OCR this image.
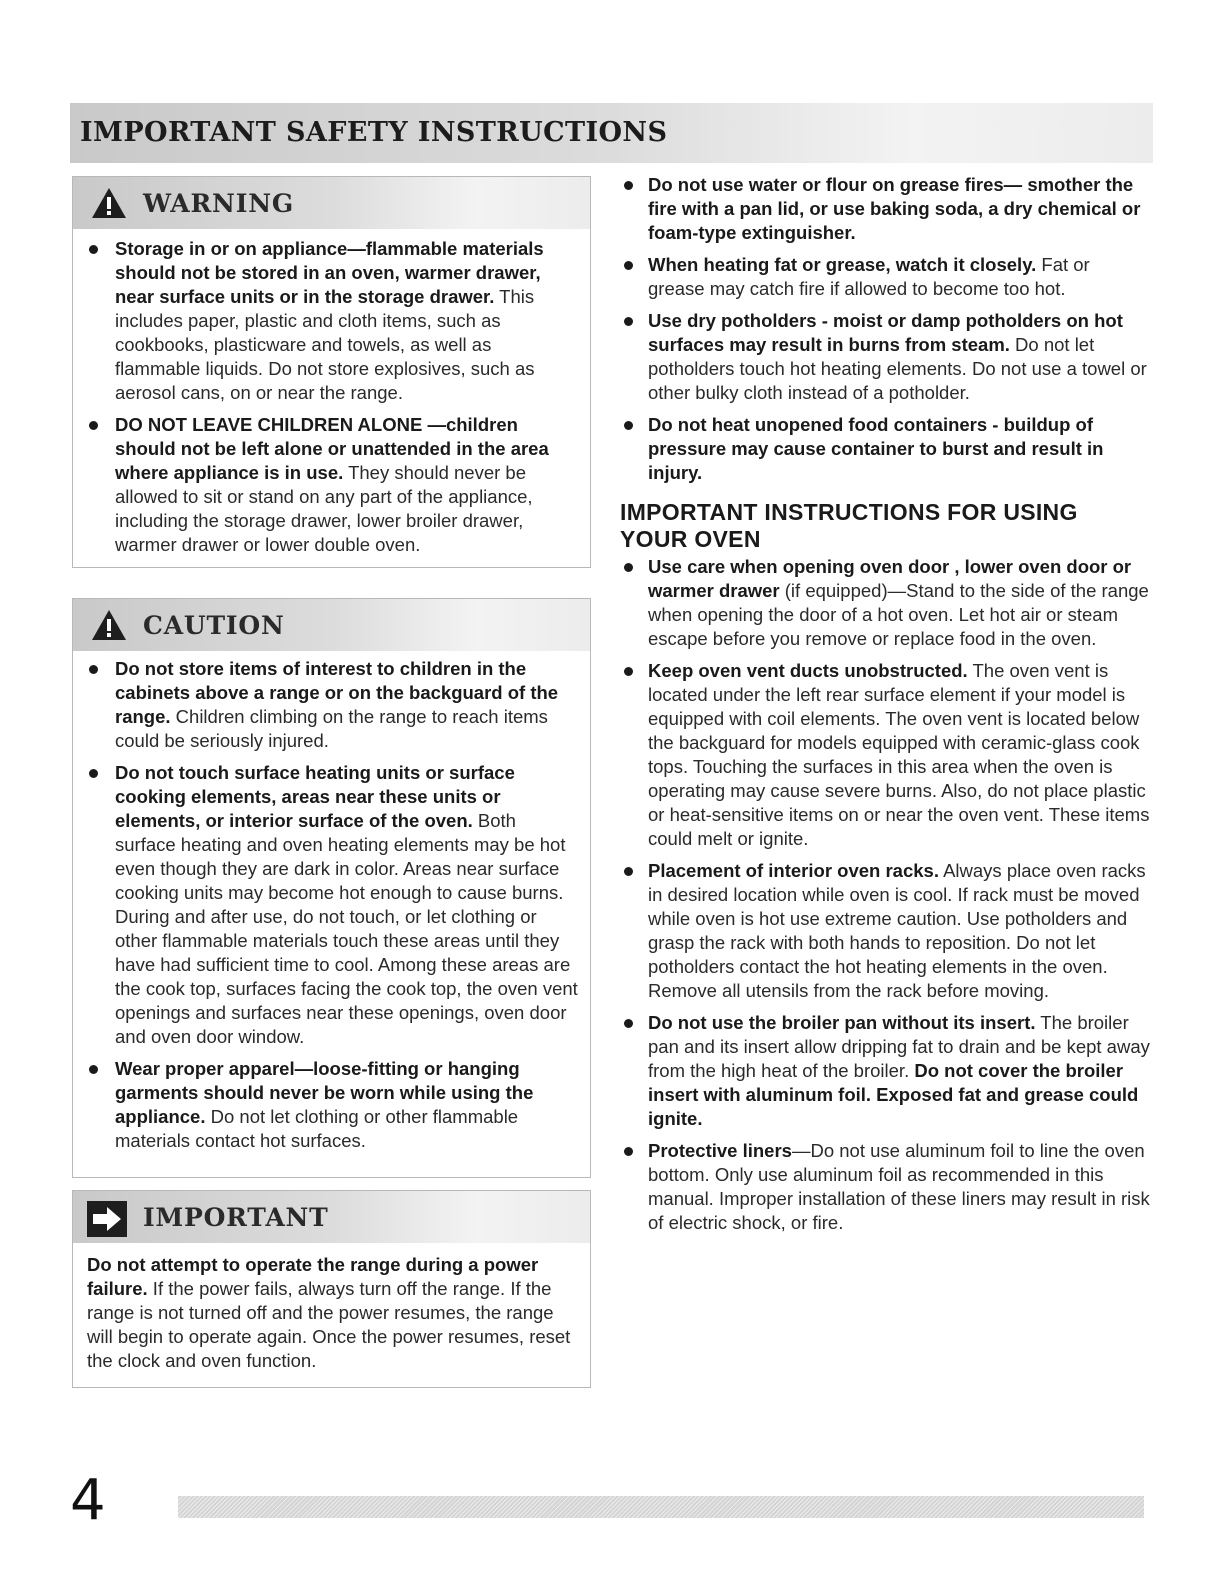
IMPORTANT SAFETY INSTRUCTIONS
WARNING
Storage in or on appliance—flammable materials should not be stored in an oven, warmer drawer, near surface units or in the storage drawer. This includes paper, plastic and cloth items, such as cookbooks, plasticware and towels, as well as flammable liquids. Do not store explosives, such as aerosol cans, on or near the range.
DO NOT LEAVE CHILDREN ALONE —children should not be left alone or unattended in the area where appliance is in use. They should never be allowed to sit or stand on any part of the appliance, including the storage drawer, lower broiler drawer, warmer drawer or lower double oven.
CAUTION
Do not store items of interest to children in the cabinets above a range or on the backguard of the range. Children climbing on the range to reach items could be seriously injured.
Do not touch surface heating units or surface cooking elements, areas near these units or elements, or interior surface of the oven. Both surface heating and oven heating elements may be hot even though they are dark in color. Areas near surface cooking units may become hot enough to cause burns. During and after use, do not touch, or let clothing or other flammable materials touch these areas until they have had sufficient time to cool. Among these areas are the cook top, surfaces facing the cook top, the oven vent openings and surfaces near these openings, oven door and oven door window.
Wear proper apparel—loose-fitting or hanging garments should never be worn while using the appliance. Do not let clothing or other flammable materials contact hot surfaces.
IMPORTANT
Do not attempt to operate the range during a power failure. If the power fails, always turn off the range. If the range is not turned off and the power resumes, the range will begin to operate again. Once the power resumes, reset the clock and oven function.
Do not use water or flour on grease fires— smother the fire with a pan lid, or use baking soda, a dry chemical or foam-type extinguisher.
When heating fat or grease, watch it closely. Fat or grease may catch fire if allowed to become too hot.
Use dry potholders - moist or damp potholders on hot surfaces may result in burns from steam. Do not let potholders touch hot heating elements. Do not use a towel or other bulky cloth instead of a potholder.
Do not heat unopened food containers - buildup of pressure may cause container to burst and result in injury.
IMPORTANT INSTRUCTIONS FOR USING YOUR OVEN
Use care when opening oven door , lower oven door or warmer drawer (if equipped)—Stand to the side of the range when opening the door of a hot oven. Let hot air or steam escape before you remove or replace food in the oven.
Keep oven vent ducts unobstructed. The oven vent is located under the left rear surface element if your model is equipped with coil elements. The oven vent is located below the backguard for models equipped with ceramic-glass cook tops. Touching the surfaces in this area when the oven is operating may cause severe burns. Also, do not place plastic or heat-sensitive items on or near the oven vent. These items could melt or ignite.
Placement of interior oven racks. Always place oven racks in desired location while oven is cool. If rack must be moved while oven is hot use extreme caution. Use potholders and grasp the rack with both hands to reposition. Do not let potholders contact the hot heating elements in the oven. Remove all utensils from the rack before moving.
Do not use the broiler pan without its insert. The broiler pan and its insert allow dripping fat to drain and be kept away from the high heat of the broiler. Do not cover the broiler insert with aluminum foil. Exposed fat and grease could ignite.
Protective liners—Do not use aluminum foil to line the oven bottom. Only use aluminum foil as recommended in this manual. Improper installation of these liners may result in risk of electric shock, or fire.
4
